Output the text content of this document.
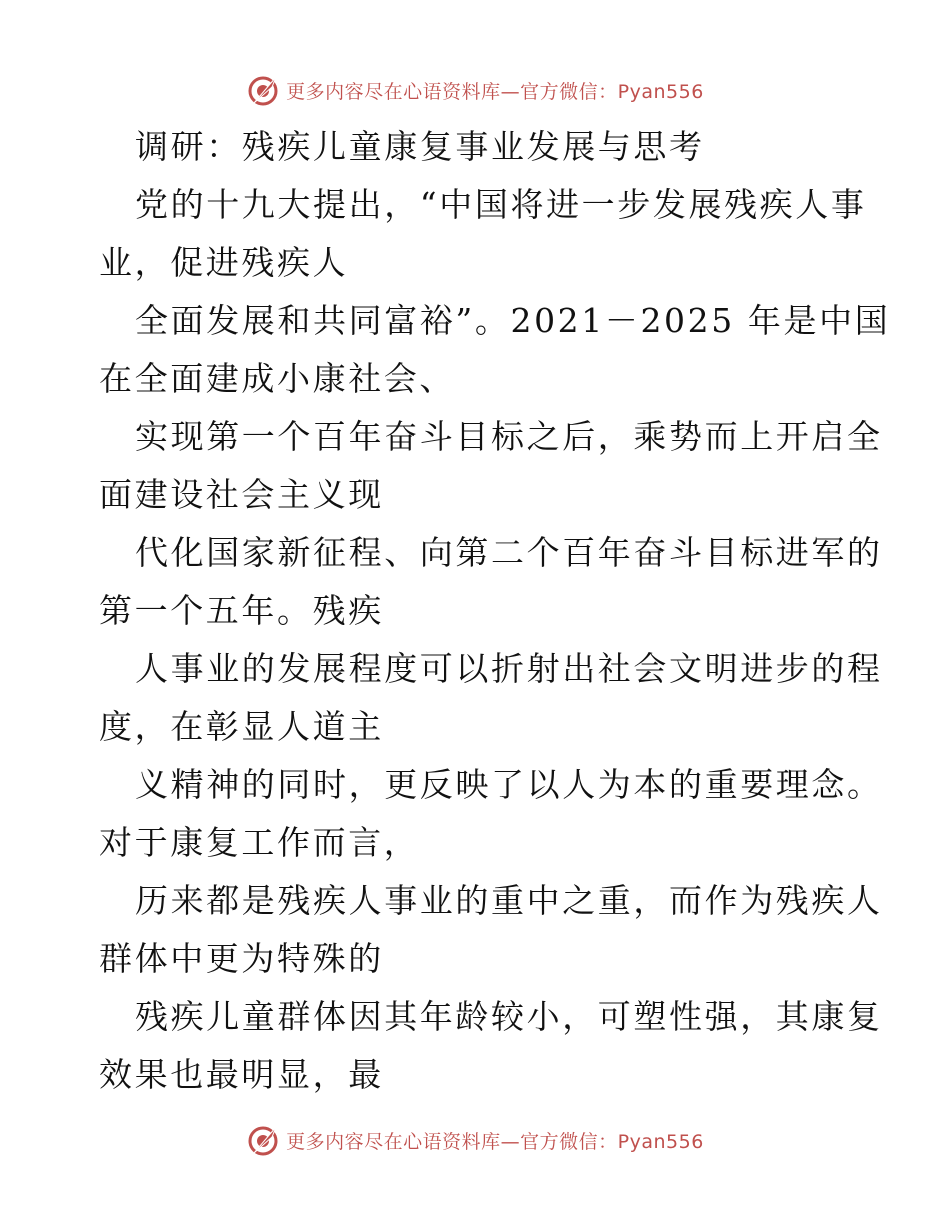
更多内容尽在心语资料库—官方微信：Pyan556
调研：残疾儿童康复事业发展与思考
党的十九大提出，“中国将进一步发展残疾人事
业，促进残疾人
全面发展和共同富裕”。2021－2025 年是中国
在全面建成小康社会、
实现第一个百年奋斗目标之后，乘势而上开启全
面建设社会主义现
代化国家新征程、向第二个百年奋斗目标进军的
第一个五年。残疾
人事业的发展程度可以折射出社会文明进步的程
度，在彰显人道主
义精神的同时，更反映了以人为本的重要理念。
对于康复工作而言，
历来都是残疾人事业的重中之重，而作为残疾人
群体中更为特殊的
残疾儿童群体因其年龄较小，可塑性强，其康复
效果也最明显，最
更多内容尽在心语资料库—官方微信：Pyan556
